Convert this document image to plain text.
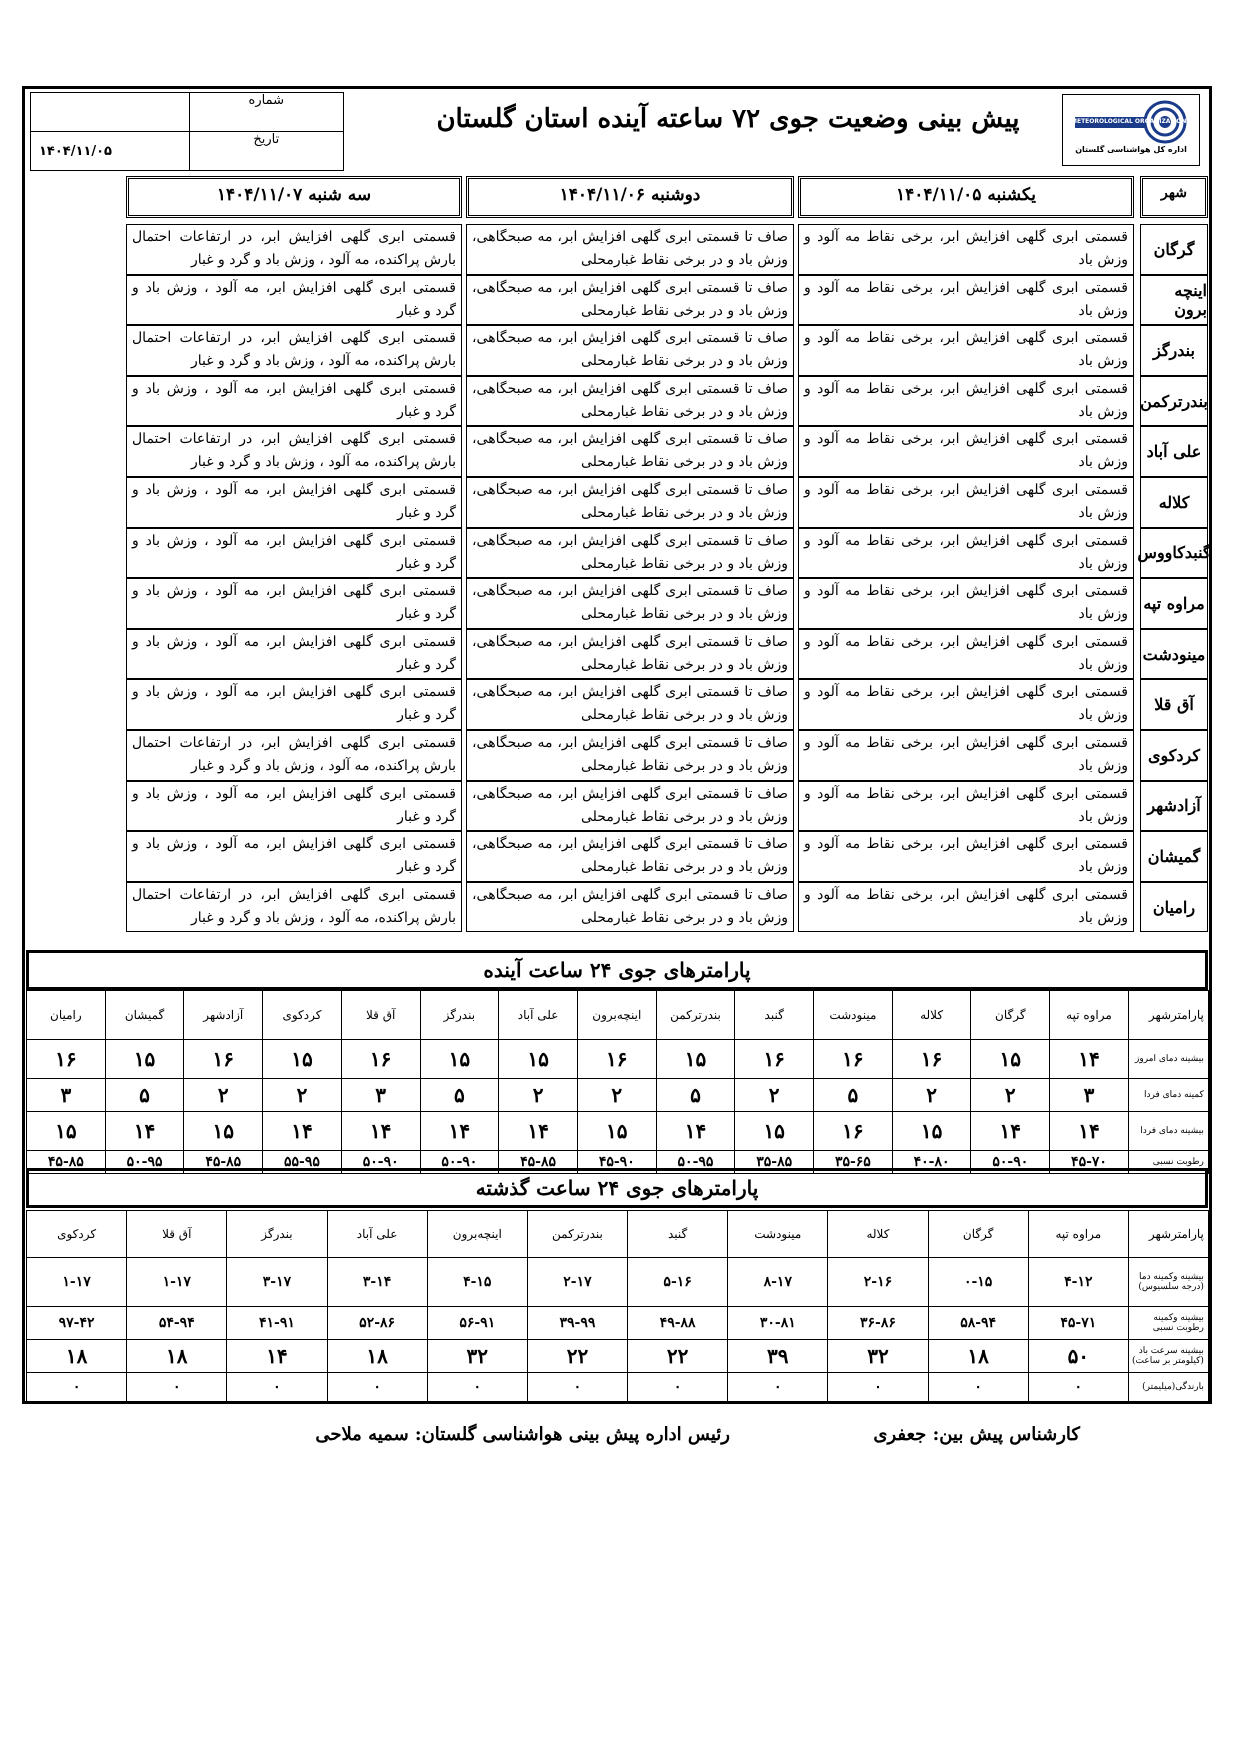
METEOROLOGICAL ORGANIZATION
اداره کل هواشناسی گلستان
پیش بینی وضعیت جوی ۷۲ ساعته آینده استان گلستان
	شماره
۱۴۰۴/۱۱/۰۵	تاریخ
شهر
یکشنبه ۱۴۰۴/۱۱/۰۵
دوشنبه ۱۴۰۴/۱۱/۰۶
سه شنبه ۱۴۰۴/۱۱/۰۷
گرگان
قسمتی ابری گلهی افزایش ابر، برخی نقاط مه آلود و وزش باد
صاف تا قسمتی ابری گلهی افزایش ابر، مه صبحگاهی، وزش باد و در برخی نقاط غبارمحلی
قسمتی ابری گلهی افزایش ابر، در ارتفاعات احتمال بارش پراکنده، مه آلود ، وزش باد و گرد و غبار
اینچه برون
قسمتی ابری گلهی افزایش ابر، برخی نقاط مه آلود و وزش باد
صاف تا قسمتی ابری گلهی افزایش ابر، مه صبحگاهی، وزش باد و در برخی نقاط غبارمحلی
قسمتی ابری گلهی افزایش ابر، مه آلود ، وزش باد و گرد و غبار
بندرگز
قسمتی ابری گلهی افزایش ابر، برخی نقاط مه آلود و وزش باد
صاف تا قسمتی ابری گلهی افزایش ابر، مه صبحگاهی، وزش باد و در برخی نقاط غبارمحلی
قسمتی ابری گلهی افزایش ابر، در ارتفاعات احتمال بارش پراکنده، مه آلود ، وزش باد و گرد و غبار
بندرترکمن
قسمتی ابری گلهی افزایش ابر، برخی نقاط مه آلود و وزش باد
صاف تا قسمتی ابری گلهی افزایش ابر، مه صبحگاهی، وزش باد و در برخی نقاط غبارمحلی
قسمتی ابری گلهی افزایش ابر، مه آلود ، وزش باد و گرد و غبار
علی آباد
قسمتی ابری گلهی افزایش ابر، برخی نقاط مه آلود و وزش باد
صاف تا قسمتی ابری گلهی افزایش ابر، مه صبحگاهی، وزش باد و در برخی نقاط غبارمحلی
قسمتی ابری گلهی افزایش ابر، در ارتفاعات احتمال بارش پراکنده، مه آلود ، وزش باد و گرد و غبار
کلاله
قسمتی ابری گلهی افزایش ابر، برخی نقاط مه آلود و وزش باد
صاف تا قسمتی ابری گلهی افزایش ابر، مه صبحگاهی، وزش باد و در برخی نقاط غبارمحلی
قسمتی ابری گلهی افزایش ابر، مه آلود ، وزش باد و گرد و غبار
گنبدکاووس
قسمتی ابری گلهی افزایش ابر، برخی نقاط مه آلود و وزش باد
صاف تا قسمتی ابری گلهی افزایش ابر، مه صبحگاهی، وزش باد و در برخی نقاط غبارمحلی
قسمتی ابری گلهی افزایش ابر، مه آلود ، وزش باد و گرد و غبار
مراوه تپه
قسمتی ابری گلهی افزایش ابر، برخی نقاط مه آلود و وزش باد
صاف تا قسمتی ابری گلهی افزایش ابر، مه صبحگاهی، وزش باد و در برخی نقاط غبارمحلی
قسمتی ابری گلهی افزایش ابر، مه آلود ، وزش باد و گرد و غبار
مینودشت
قسمتی ابری گلهی افزایش ابر، برخی نقاط مه آلود و وزش باد
صاف تا قسمتی ابری گلهی افزایش ابر، مه صبحگاهی، وزش باد و در برخی نقاط غبارمحلی
قسمتی ابری گلهی افزایش ابر، مه آلود ، وزش باد و گرد و غبار
آق قلا
قسمتی ابری گلهی افزایش ابر، برخی نقاط مه آلود و وزش باد
صاف تا قسمتی ابری گلهی افزایش ابر، مه صبحگاهی، وزش باد و در برخی نقاط غبارمحلی
قسمتی ابری گلهی افزایش ابر، مه آلود ، وزش باد و گرد و غبار
کردکوی
قسمتی ابری گلهی افزایش ابر، برخی نقاط مه آلود و وزش باد
صاف تا قسمتی ابری گلهی افزایش ابر، مه صبحگاهی، وزش باد و در برخی نقاط غبارمحلی
قسمتی ابری گلهی افزایش ابر، در ارتفاعات احتمال بارش پراکنده، مه آلود ، وزش باد و گرد و غبار
آزادشهر
قسمتی ابری گلهی افزایش ابر، برخی نقاط مه آلود و وزش باد
صاف تا قسمتی ابری گلهی افزایش ابر، مه صبحگاهی، وزش باد و در برخی نقاط غبارمحلی
قسمتی ابری گلهی افزایش ابر، مه آلود ، وزش باد و گرد و غبار
گمیشان
قسمتی ابری گلهی افزایش ابر، برخی نقاط مه آلود و وزش باد
صاف تا قسمتی ابری گلهی افزایش ابر، مه صبحگاهی، وزش باد و در برخی نقاط غبارمحلی
قسمتی ابری گلهی افزایش ابر، مه آلود ، وزش باد و گرد و غبار
رامیان
قسمتی ابری گلهی افزایش ابر، برخی نقاط مه آلود و وزش باد
صاف تا قسمتی ابری گلهی افزایش ابر، مه صبحگاهی، وزش باد و در برخی نقاط غبارمحلی
قسمتی ابری گلهی افزایش ابر، در ارتفاعات احتمال بارش پراکنده، مه آلود ، وزش باد و گرد و غبار
پارامترهای جوی ۲۴ ساعت آینده
پارامترشهر	مراوه تپه	گرگان	کلاله	مینودشت	گنبد	بندرترکمن	اینچه‌برون	علی آباد	بندرگز	آق قلا	کردکوی	آزادشهر	گمیشان	رامیان
بیشینه دمای امروز	۱۴	۱۵	۱۶	۱۶	۱۶	۱۵	۱۶	۱۵	۱۵	۱۶	۱۵	۱۶	۱۵	۱۶
کمینه دمای فردا	۳	۲	۲	۵	۲	۵	۲	۲	۵	۳	۲	۲	۵	۳
بیشینه دمای فردا	۱۴	۱۴	۱۵	۱۶	۱۵	۱۴	۱۵	۱۴	۱۴	۱۴	۱۴	۱۵	۱۴	۱۵
رطوبت نسبی	۴۵-۷۰	۵۰-۹۰	۴۰-۸۰	۳۵-۶۵	۳۵-۸۵	۵۰-۹۵	۴۵-۹۰	۴۵-۸۵	۵۰-۹۰	۵۰-۹۰	۵۵-۹۵	۴۵-۸۵	۵۰-۹۵	۴۵-۸۵
پارامترهای جوی ۲۴ ساعت گذشته
پارامترشهر	مراوه تپه	گرگان	کلاله	مینودشت	گنبد	بندرترکمن	اینچه‌برون	علی آباد	بندرگز	آق قلا	کردکوی
بیشینه وکمینه دما (درجه سلسیوس)	۴-۱۲	۰-۱۵	۲-۱۶	۸-۱۷	۵-۱۶	۲-۱۷	۴-۱۵	۳-۱۴	۳-۱۷	۱-۱۷	۱-۱۷
بیشینه وکمینه رطوبت نسبی	۴۵-۷۱	۵۸-۹۴	۳۶-۸۶	۳۰-۸۱	۴۹-۸۸	۳۹-۹۹	۵۶-۹۱	۵۲-۸۶	۴۱-۹۱	۵۴-۹۴	۹۷-۴۲
بیشینه سرعت باد (کیلومتر بر ساعت)	۵۰	۱۸	۳۲	۳۹	۲۲	۲۲	۳۲	۱۸	۱۴	۱۸	۱۸
بارندگی(میلیمتر)	۰	۰	۰	۰	۰	۰	۰	۰	۰	۰	۰
کارشناس پیش بین: جعفری
رئیس اداره پیش بینی هواشناسی گلستان: سمیه ملاحی
